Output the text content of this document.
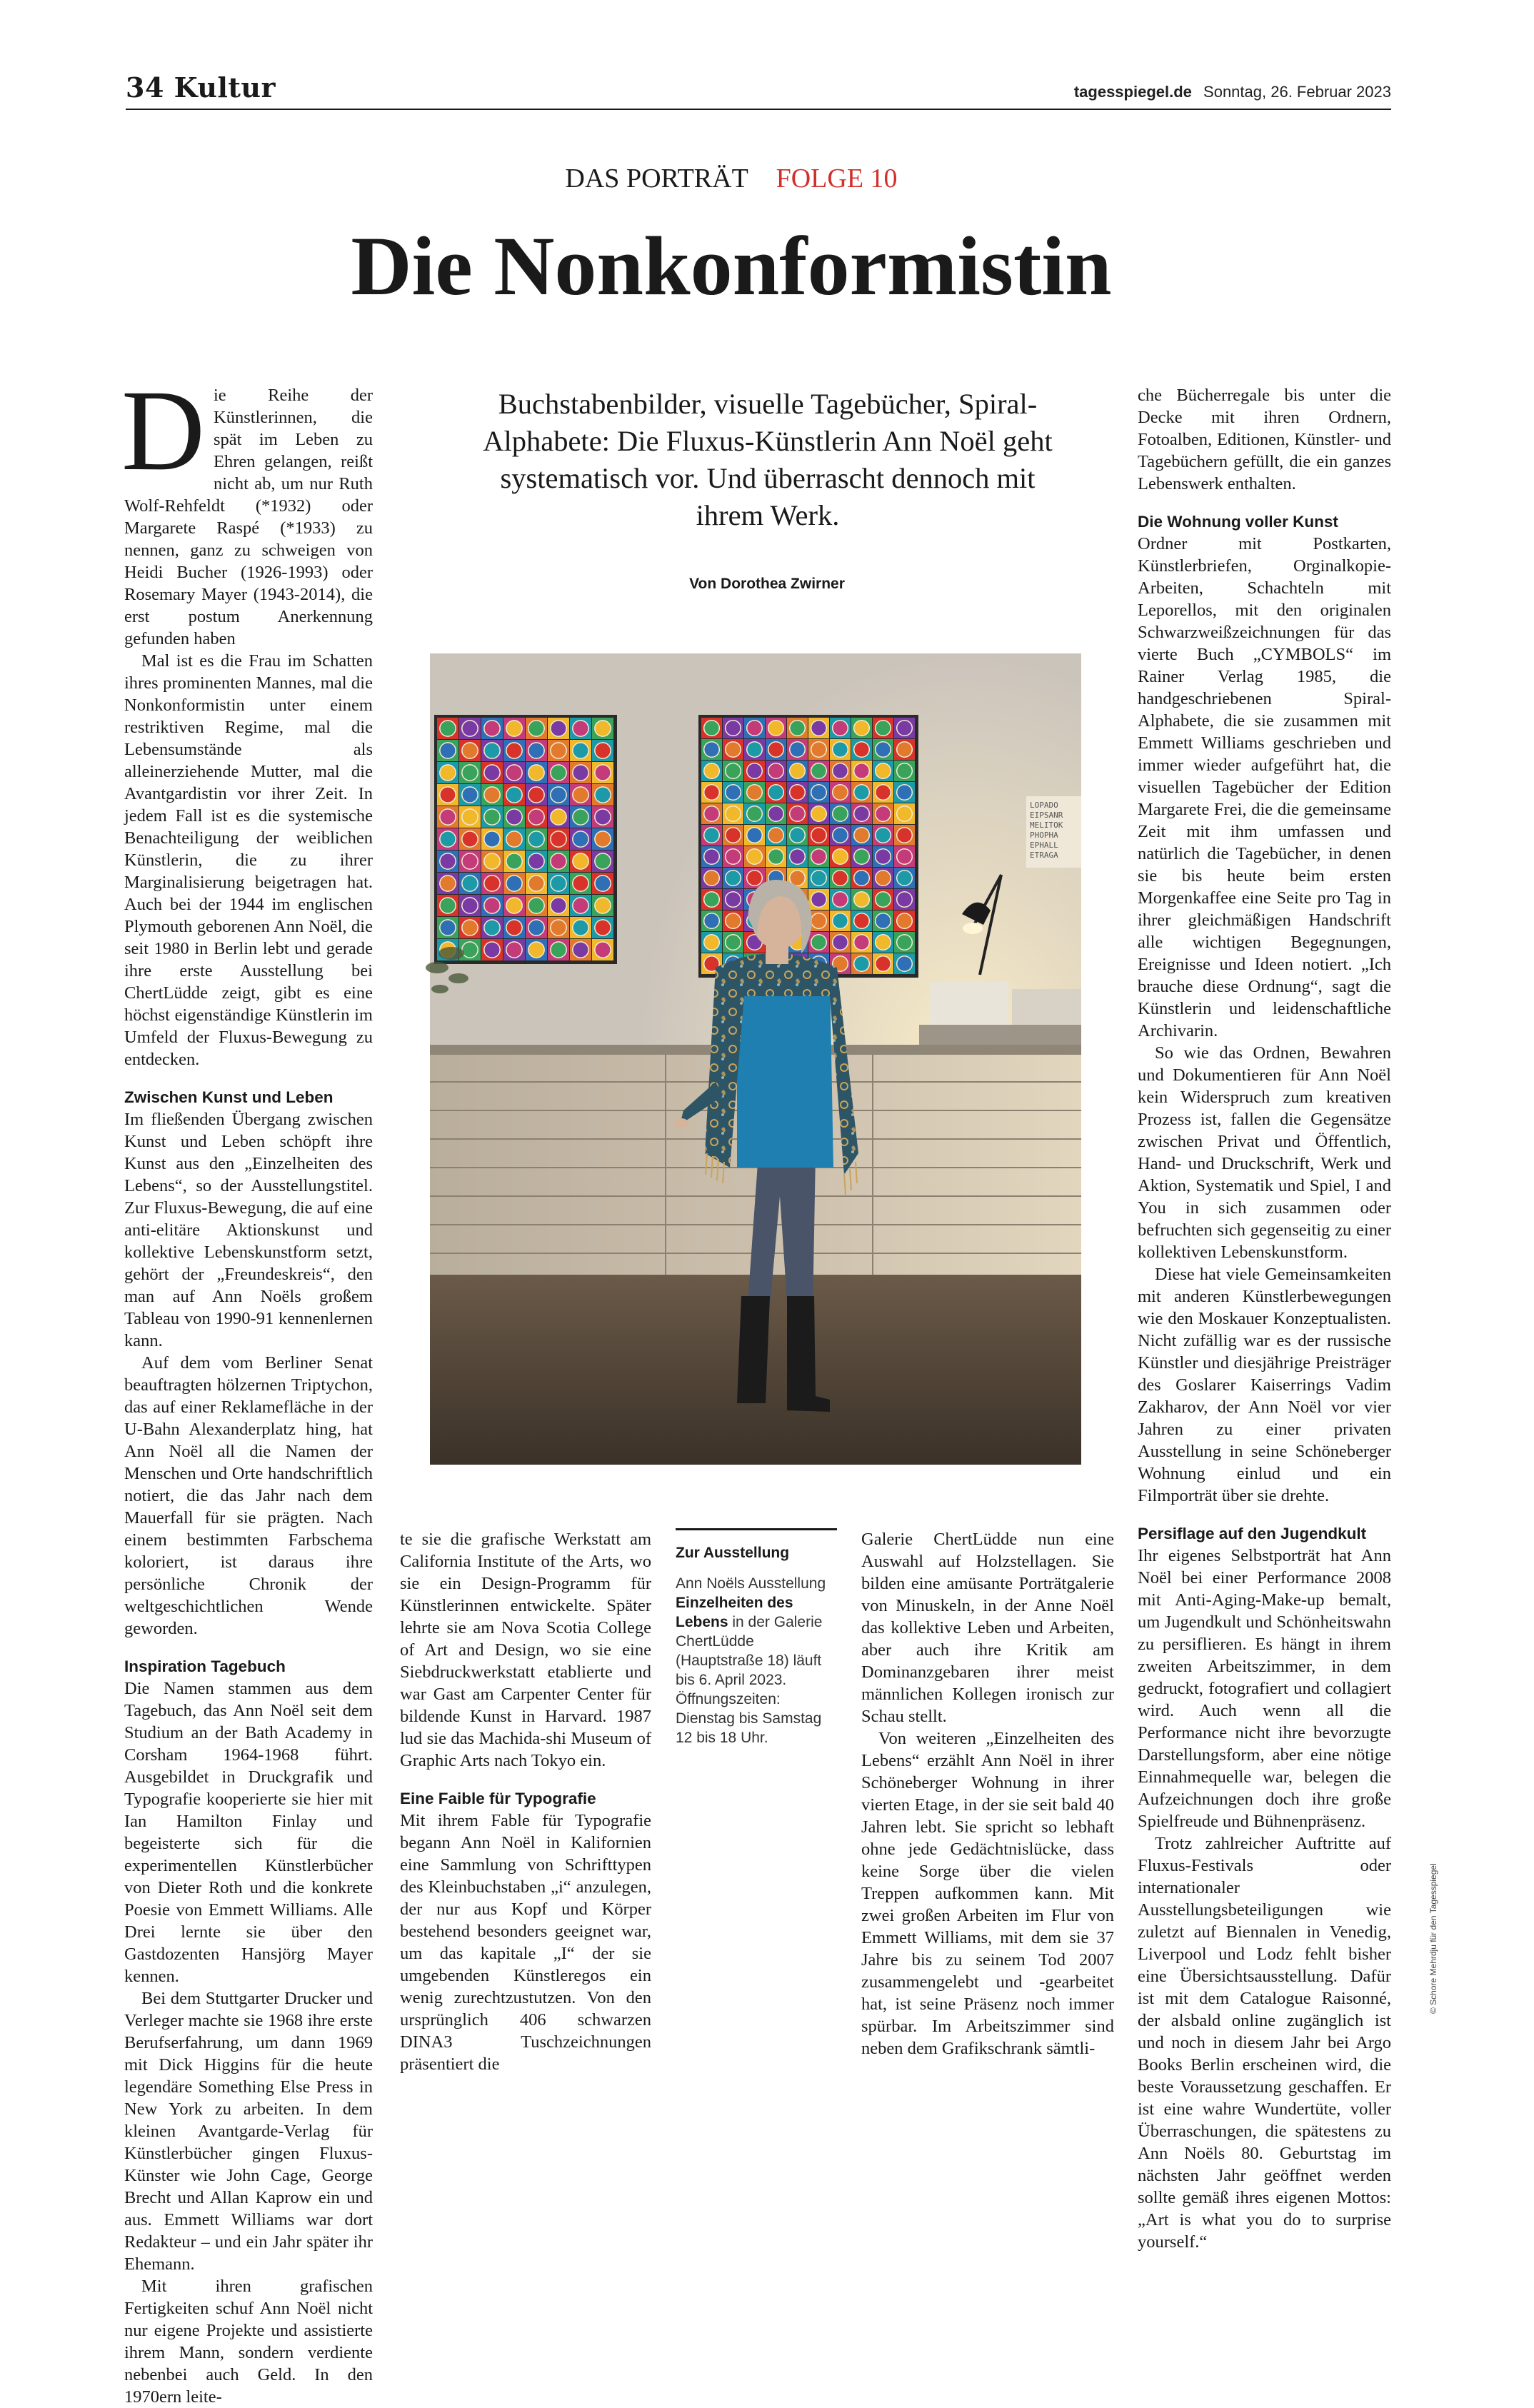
34 Kultur	tagesspiegel.de Sonntag, 26. Februar 2023
DAS PORTRÄT FOLGE 10
Die Nonkonformistin
Buchstabenbilder, visuelle Tagebücher, Spiral-Alphabete: Die Fluxus-Künstlerin Ann Noël geht systematisch vor. Und überrascht dennoch mit ihrem Werk.
Von Dorothea Zwirner
LOPADO
EIPSANR
MELITOK
PHOPHA
EPHALL
ETRAGA
D ie Reihe der Künstlerinnen, die spät im Leben zu Ehren gelangen, reißt nicht ab, um nur Ruth Wolf-Rehfeldt (*1932) oder Margarete Raspé (*1933) zu nennen, ganz zu schweigen von Heidi Bucher (1926-1993) oder Rosemary Mayer (1943-2014), die erst postum Anerkennung gefunden haben

Mal ist es die Frau im Schatten ihres prominenten Mannes, mal die Nonkonformistin unter einem restriktiven Regime, mal die Lebensumstände als alleinerziehende Mutter, mal die Avantgardistin vor ihrer Zeit. In jedem Fall ist es die systemische Benachteiligung der weiblichen Künstlerin, die zu ihrer Marginalisierung beigetragen hat. Auch bei der 1944 im englischen Plymouth geborenen Ann Noël, die seit 1980 in Berlin lebt und gerade ihre erste Ausstellung bei ChertLüdde zeigt, gibt es eine höchst eigenständige Künstlerin im Umfeld der Fluxus-Bewegung zu entdecken.

Zwischen Kunst und Leben

Im fließenden Übergang zwischen Kunst und Leben schöpft ihre Kunst aus den „Einzelheiten des Lebens“, so der Ausstellungstitel. Zur Fluxus-Bewegung, die auf eine anti-elitäre Aktionskunst und kollektive Lebenskunstform setzt, gehört der „Freundeskreis“, den man auf Ann Noëls großem Tableau von 1990-91 kennenlernen kann.

Auf dem vom Berliner Senat beauftragten hölzernen Triptychon, das auf einer Reklamefläche in der U-Bahn Alexanderplatz hing, hat Ann Noël all die Namen der Menschen und Orte handschriftlich notiert, die das Jahr nach dem Mauerfall für sie prägten. Nach einem bestimmten Farbschema koloriert, ist daraus ihre persönliche Chronik der weltgeschichtlichen Wende geworden.

Inspiration Tagebuch

Die Namen stammen aus dem Tagebuch, das Ann Noël seit dem Studium an der Bath Academy in Corsham 1964-1968 führt. Ausgebildet in Druckgrafik und Typografie kooperierte sie hier mit Ian Hamilton Finlay und begeisterte sich für die experimentellen Künstlerbücher von Dieter Roth und die konkrete Poesie von Emmett Williams. Alle Drei lernte sie über den Gastdozenten Hansjörg Mayer kennen.

Bei dem Stuttgarter Drucker und Verleger machte sie 1968 ihre erste Berufserfahrung, um dann 1969 mit Dick Higgins für die heute legendäre Something Else Press in New York zu arbeiten. In dem kleinen Avantgarde-Verlag für Künstlerbücher gingen Fluxus-Künster wie John Cage, George Brecht und Allan Kaprow ein und aus. Emmett Williams war dort Redakteur – und ein Jahr später ihr Ehemann.

Mit ihren grafischen Fertigkeiten schuf Ann Noël nicht nur eigene Projekte und assistierte ihrem Mann, sondern verdiente nebenbei auch Geld. In den 1970ern leite-

te sie die grafische Werkstatt am California Institute of the Arts, wo sie ein Design-Programm für Künstlerinnen entwickelte. Später lehrte sie am Nova Scotia College of Art and Design, wo sie eine Siebdruckwerkstatt etablierte und war Gast am Carpenter Center für bildende Kunst in Harvard. 1987 lud sie das Machida-shi Museum of Graphic Arts nach Tokyo ein.

Eine Faible für Typografie

Mit ihrem Fable für Typografie begann Ann Noël in Kalifornien eine Sammlung von Schrifttypen des Kleinbuchstaben „i“ anzulegen, der nur aus Kopf und Körper bestehend besonders geeignet war, um das kapitale „I“ der sie umgebenden Künstleregos ein wenig zurechtzustutzen. Von den ursprünglich 406 schwarzen DINA3 Tuschzeichnungen präsentiert die

Zur Ausstellung
Ann Noëls Ausstellung Einzelheiten des Lebens in der Galerie ChertLüdde (Hauptstraße 18) läuft bis 6. April 2023. Öffnungszeiten: Dienstag bis Samstag 12 bis 18 Uhr.

Galerie ChertLüdde nun eine Auswahl auf Holzstellagen. Sie bilden eine amüsante Porträtgalerie von Minuskeln, in der Anne Noël das kollektive Leben und Arbeiten, aber auch ihre Kritik am Dominanzgebaren ihrer meist männlichen Kollegen ironisch zur Schau stellt.

Von weiteren „Einzelheiten des Lebens“ erzählt Ann Noël in ihrer Schöneberger Wohnung in ihrer vierten Etage, in der sie seit bald 40 Jahren lebt. Sie spricht so lebhaft ohne jede Gedächtnislücke, dass keine Sorge über die vielen Treppen aufkommen kann. Mit zwei großen Arbeiten im Flur von Emmett Williams, mit dem sie 37 Jahre bis zu seinem Tod 2007 zusammengelebt und -gearbeitet hat, ist seine Präsenz noch immer spürbar. Im Arbeitszimmer sind neben dem Grafikschrank sämtli-

che Bücherregale bis unter die Decke mit ihren Ordnern, Fotoalben, Editionen, Künstler- und Tagebüchern gefüllt, die ein ganzes Lebenswerk enthalten.

Die Wohnung voller Kunst

Ordner mit Postkarten, Künstlerbriefen, Orginalkopie-Arbeiten, Schachteln mit Leporellos, mit den originalen Schwarzweißzeichnungen für das vierte Buch „CYMBOLS“ im Rainer Verlag 1985, die handgeschriebenen Spiral-Alphabete, die sie zusammen mit Emmett Williams geschrieben und immer wieder aufgeführt hat, die visuellen Tagebücher der Edition Margarete Frei, die die gemeinsame Zeit mit ihm umfassen und natürlich die Tagebücher, in denen sie bis heute beim ersten Morgenkaffee eine Seite pro Tag in ihrer gleichmäßigen Handschrift alle wichtigen Begegnungen, Ereignisse und Ideen notiert. „Ich brauche diese Ordnung“, sagt die Künstlerin und leidenschaftliche Archivarin.

So wie das Ordnen, Bewahren und Dokumentieren für Ann Noël kein Widerspruch zum kreativen Prozess ist, fallen die Gegensätze zwischen Privat und Öffentlich, Hand- und Druckschrift, Werk und Aktion, Systematik und Spiel, I and You in sich zusammen oder befruchten sich gegenseitig zu einer kollektiven Lebenskunstform.

Diese hat viele Gemeinsamkeiten mit anderen Künstlerbewegungen wie den Moskauer Konzeptualisten. Nicht zufällig war es der russische Künstler und diesjährige Preisträger des Goslarer Kaiserrings Vadim Zakharov, der Ann Noël vor vier Jahren zu einer privaten Ausstellung in seine Schöneberger Wohnung einlud und ein Filmporträt über sie drehte.

Persiflage auf den Jugendkult

Ihr eigenes Selbstporträt hat Ann Noël bei einer Performance 2008 mit Anti-Aging-Make-up bemalt, um Jugendkult und Schönheitswahn zu persiflieren. Es hängt in ihrem zweiten Arbeitszimmer, in dem gedruckt, fotografiert und collagiert wird. Auch wenn all die Performance nicht ihre bevorzugte Darstellungsform, aber eine nötige Einnahmequelle war, belegen die Aufzeichnungen doch ihre große Spielfreude und Bühnenpräsenz.

Trotz zahlreicher Auftritte auf Fluxus-Festivals oder internationaler Ausstellungsbeteiligungen wie zuletzt auf Biennalen in Venedig, Liverpool und Lodz fehlt bisher eine Übersichtsausstellung. Dafür ist mit dem Catalogue Raisonné, der alsbald online zugänglich ist und noch in diesem Jahr bei Argo Books Berlin erscheinen wird, die beste Voraussetzung geschaffen. Er ist eine wahre Wundertüte, voller Überraschungen, die spätestens zu Ann Noëls 80. Geburtstag im nächsten Jahr geöffnet werden sollte gemäß ihres eigenen Mottos: „Art is what you do to surprise yourself.“

© Schore Mehrdju für den Tagesspiegel
